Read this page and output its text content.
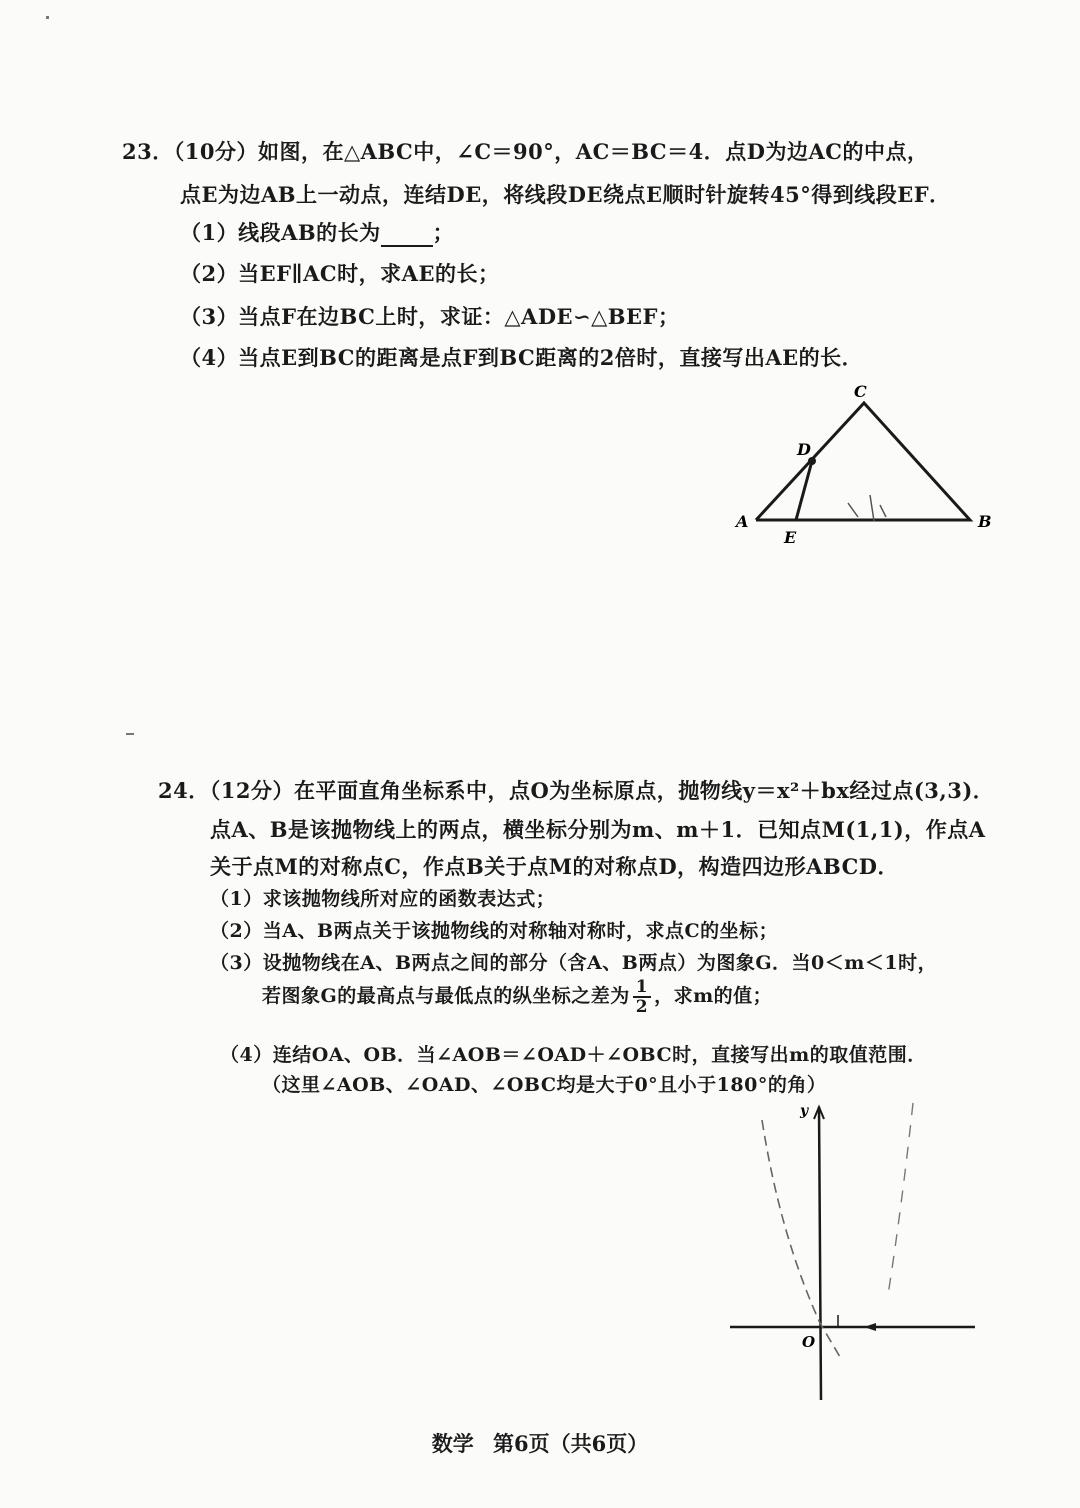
23．（10分）如图，在△ABC中，∠C＝90°，AC＝BC＝4．点D为边AC的中点，
点E为边AB上一动点，连结DE，将线段DE绕点E顺时针旋转45°得到线段EF．
（1）线段AB的长为 ；
（2）当EF∥AC时，求AE的长；
（3）当点F在边BC上时，求证：△ADE∽△BEF；
（4）当点E到BC的距离是点F到BC距离的2倍时，直接写出AE的长．
C
D
A	B
E
24．（12分）在平面直角坐标系中，点O为坐标原点，抛物线y＝x²＋bx经过点(3,3)．
点A、B是该抛物线上的两点，横坐标分别为m、m＋1．已知点M(1,1)，作点A
关于点M的对称点C，作点B关于点M的对称点D，构造四边形ABCD．
（1）求该抛物线所对应的函数表达式；
（2）当A、B两点关于该抛物线的对称轴对称时，求点C的坐标；
（3）设抛物线在A、B两点之间的部分（含A、B两点）为图象G．当0＜m＜1时，
若图象G的最高点与最低点的纵坐标之差为 $\frac{1}{2}$ ，求m的值；
（4）连结OA、OB．当∠AOB＝∠OAD＋∠OBC时，直接写出m的取值范围．
（这里∠AOB、∠OAD、∠OBC均是大于0°且小于180°的角）
y
O
数学 第6页（共6页）
